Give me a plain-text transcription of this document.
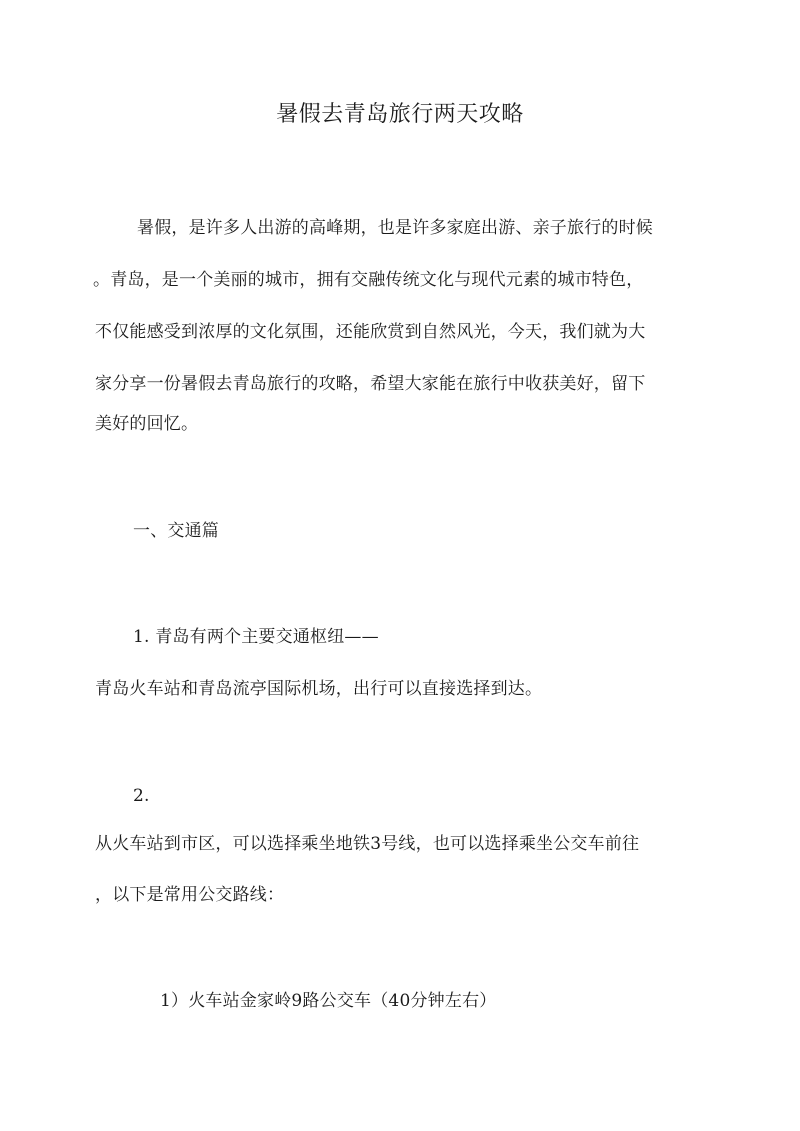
暑假去青岛旅行两天攻略
暑假，是许多人出游的高峰期，也是许多家庭出游、亲子旅行的时候
。青岛，是一个美丽的城市，拥有交融传统文化与现代元素的城市特色，
不仅能感受到浓厚的文化氛围，还能欣赏到自然风光，今天，我们就为大
家分享一份暑假去青岛旅行的攻略，希望大家能在旅行中收获美好，留下
美好的回忆。
一、交通篇
1. 青岛有两个主要交通枢纽——
青岛火车站和青岛流亭国际机场，出行可以直接选择到达。
2.
从火车站到市区，可以选择乘坐地铁3号线，也可以选择乘坐公交车前往
，以下是常用公交路线：
1）火车站金家岭9路公交车（40分钟左右）
